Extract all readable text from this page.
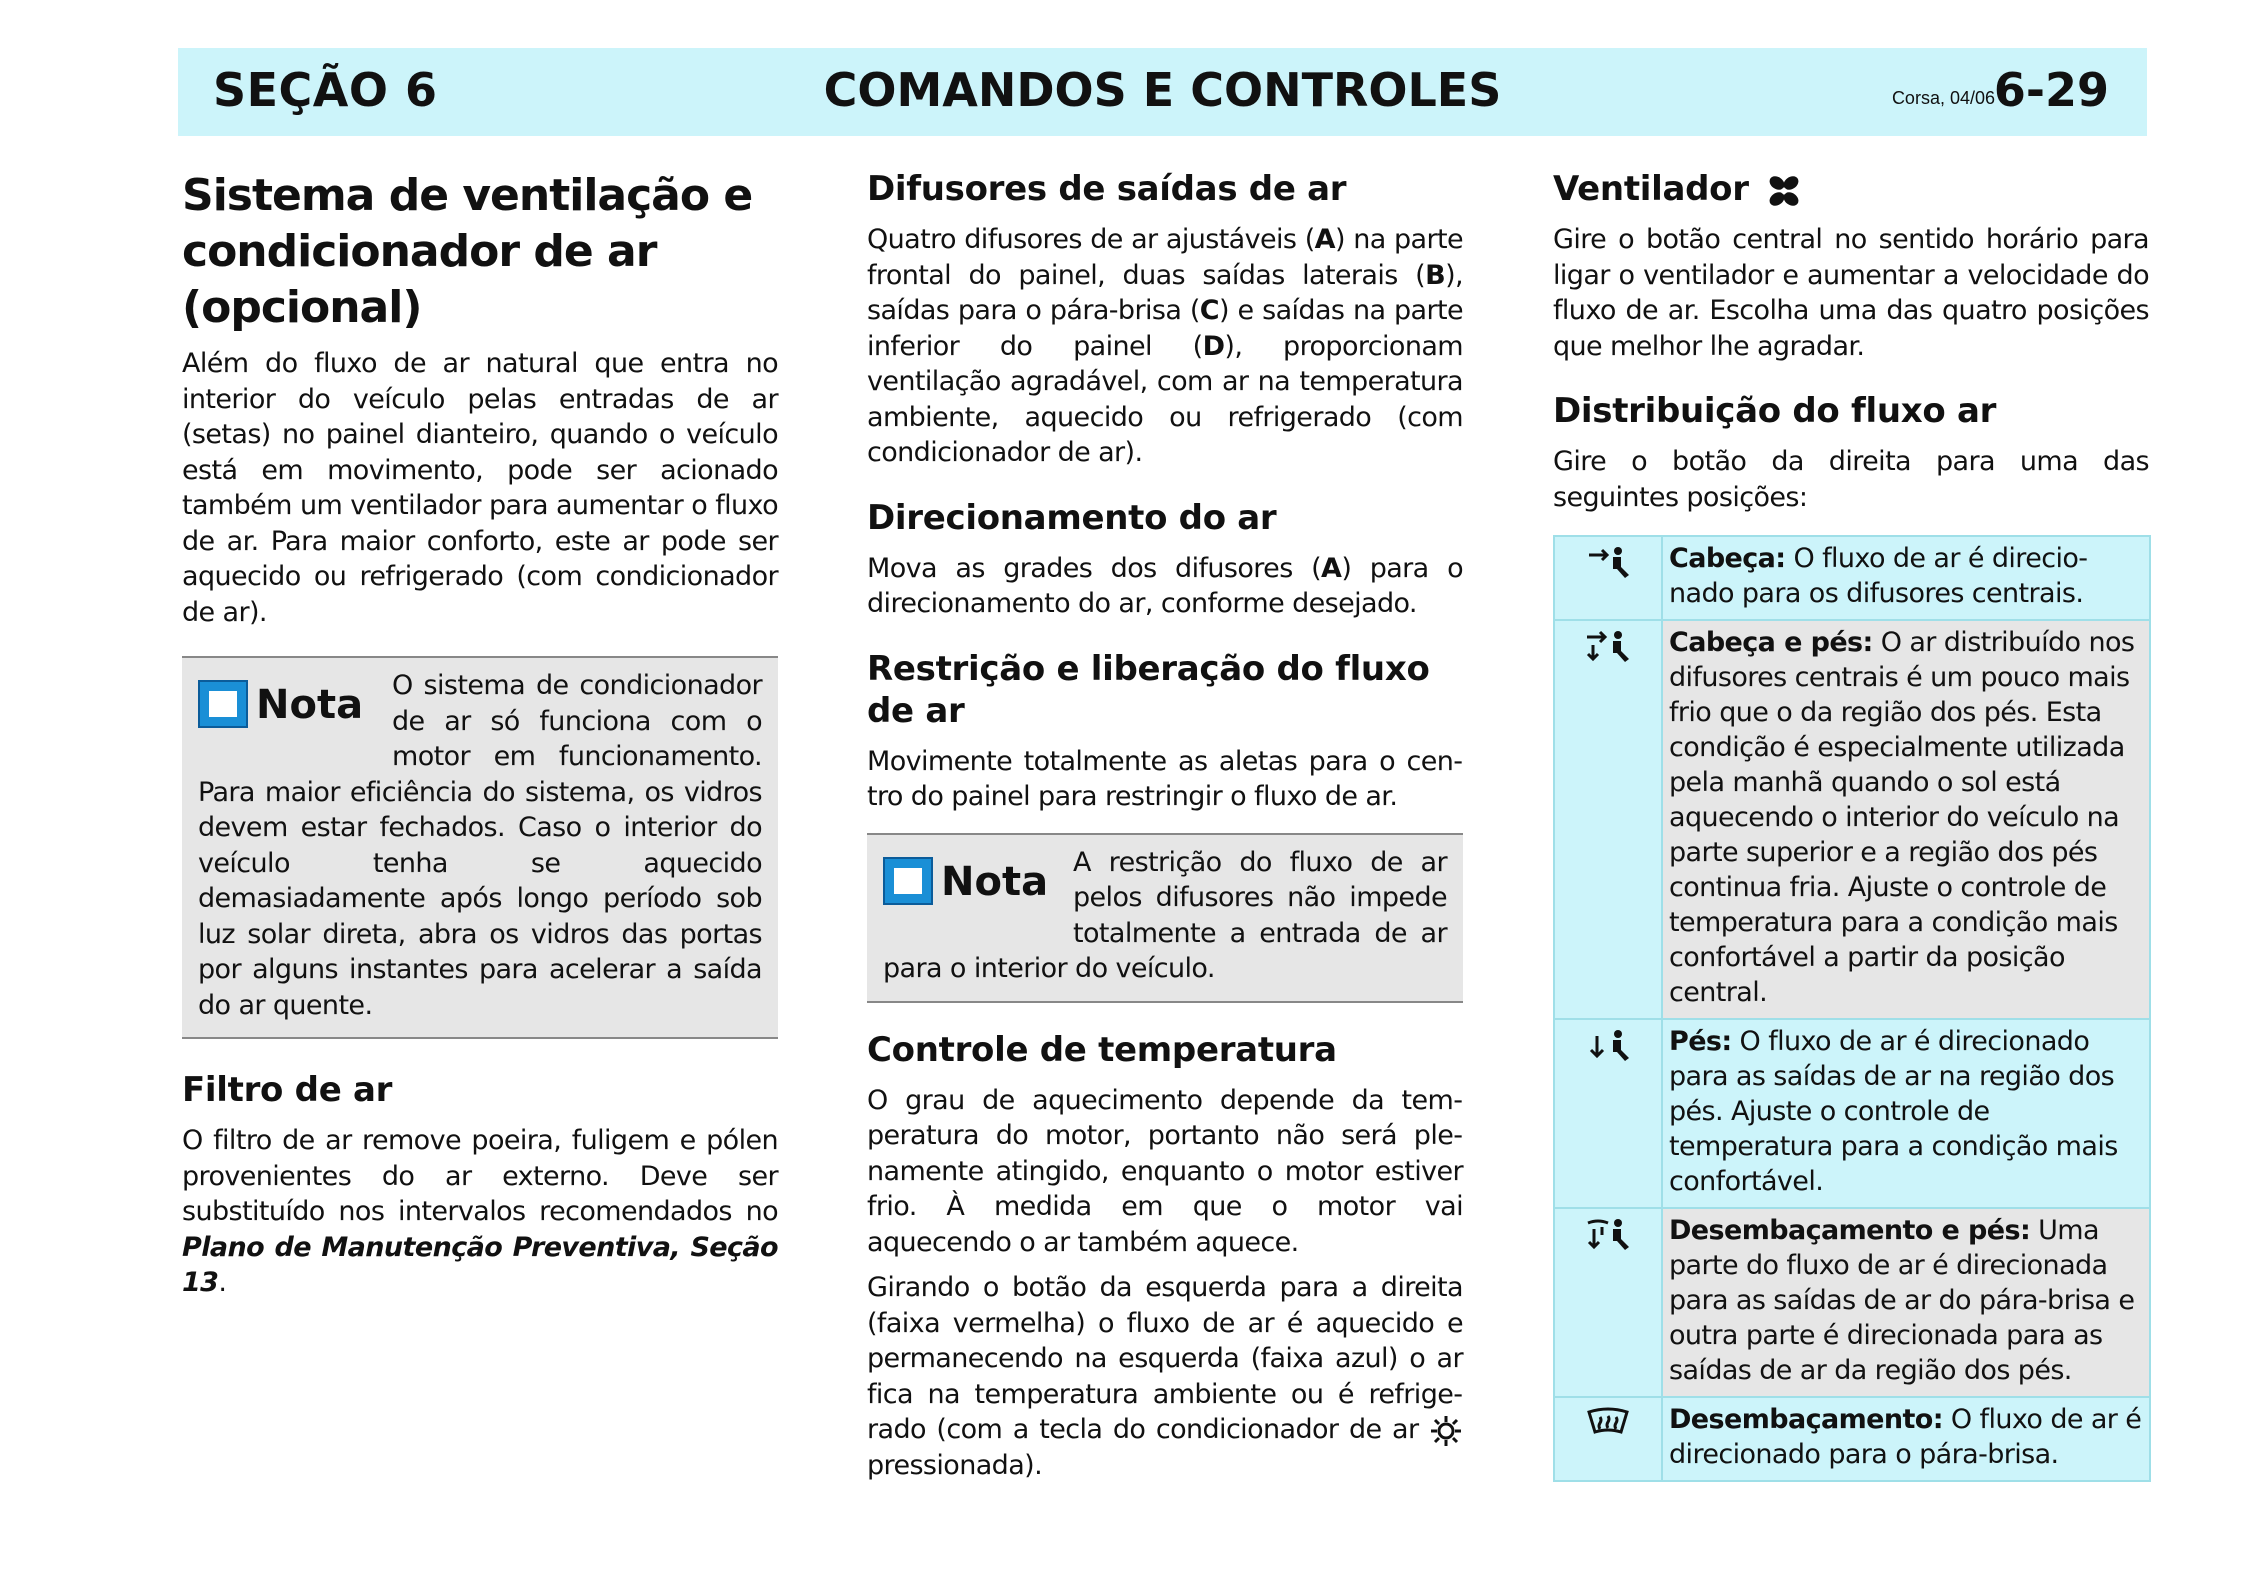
SEÇÃO 6	COMANDOS E CONTROLES	Corsa, 04/06
6-29
Sistema de ventilação e condicionador de ar (opcional)

Além do fluxo de ar natural que entra no interior do veículo pelas entradas de ar (setas) no painel dianteiro, quando o veículo está em movimento, pode ser acionado também um ventilador para aumentar o fluxo de ar. Para maior conforto, este ar pode ser aquecido ou refrigerado (com condicionador de ar).

Nota	O sistema de condicionador de ar só funciona com o motor em funcionamento. Para maior eficiência do sistema, os vidros devem estar fechados. Caso o interior do veículo tenha se aquecido demasiadamente após longo período sob luz solar direta, abra os vidros das portas por alguns instantes para acelerar a saída do ar quente.

Filtro de ar

O filtro de ar remove poeira, fuligem e pólen provenientes do ar externo. Deve ser substituído nos intervalos recomendados no Plano de Manutenção Preventiva, Seção 13.

Difusores de saídas de ar

Quatro difusores de ar ajustáveis (A) na parte frontal do painel, duas saídas laterais (B), saídas para o pára-brisa (C) e saídas na parte inferior do painel (D), proporcionam ventilação agradável, com ar na temperatura ambiente, aquecido ou refrigerado (com condicionador de ar).

Direcionamento do ar

Mova as grades dos difusores (A) para o direcionamento do ar, conforme desejado.

Restrição e liberação do fluxo de ar

Movimente totalmente as aletas para o centro do painel para restringir o fluxo de ar.

Nota A restrição do fluxo de ar pelos difusores não impede totalmente a entrada de ar para o interior do veículo.

Controle de temperatura

O grau de aquecimento depende da temperatura do motor, portanto não será plenamente atingido, enquanto o motor estiver frio. À medida em que o motor vai aquecendo o ar também aquece.

Girando o botão da esquerda para a direita (faixa vermelha) o fluxo de ar é aquecido e permanecendo na esquerda (faixa azul) o ar fica na temperatura ambiente ou é refrigerado (com a tecla do condicionador de ar  pressionada).

Ventilador

Gire o botão central no sentido horário para ligar o ventilador e aumentar a velocidade do fluxo de ar. Escolha uma das quatro posições que melhor lhe agradar.

Distribuição do fluxo ar

Gire o botão da direita para uma das seguintes posições:

	Cabeça: O fluxo de ar é direcionado para os difusores centrais.
	Cabeça e pés: O ar distribuído nos difusores centrais é um pouco mais frio que o da região dos pés. Esta condição é especialmente utilizada pela manhã quando o sol está aquecendo o interior do veículo na parte superior e a região dos pés continua fria. Ajuste o controle de temperatura para a condição mais confortável a partir da posição central.
	Pés: O fluxo de ar é direcionado para as saídas de ar na região dos pés. Ajuste o controle de temperatura para a condição mais confortável.
	Desembaçamento e pés: Uma parte do fluxo de ar é direcionada para as saídas de ar do pára-brisa e outra parte é direcionada para as saídas de ar da região dos pés.
	Desembaçamento: O fluxo de ar é direcionado para o pára-brisa.
